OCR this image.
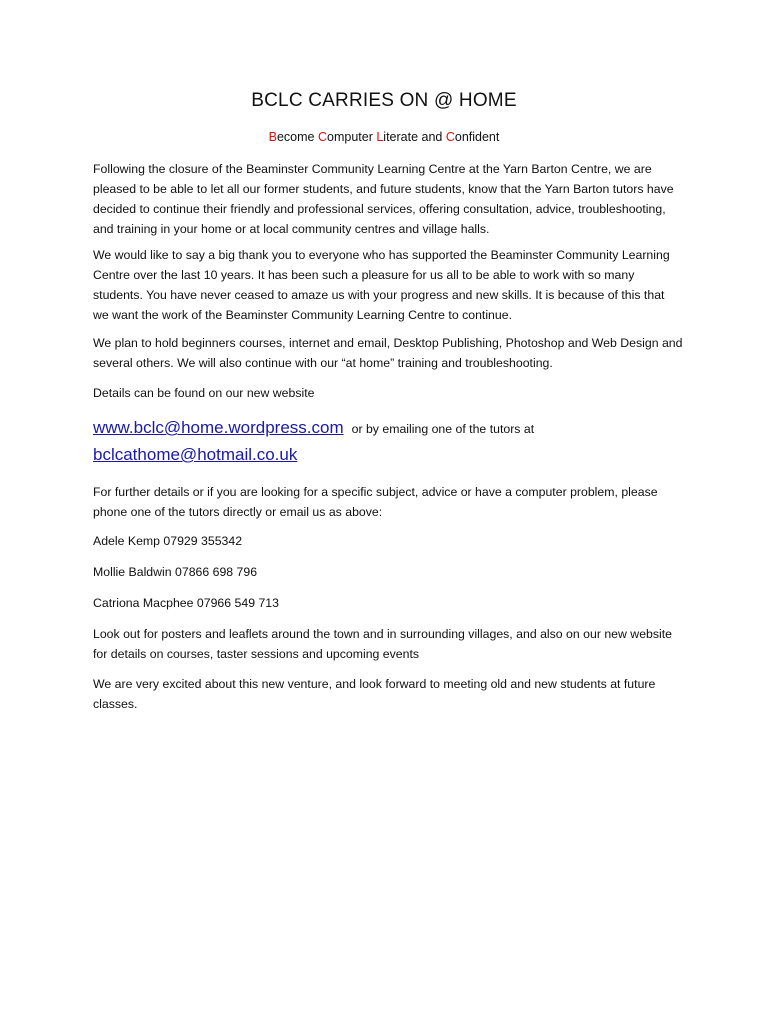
BCLC CARRIES ON @ HOME
Become Computer Literate and Confident

Following the closure of the Beaminster Community Learning Centre at the Yarn Barton Centre, we are pleased to be able to let all our former students, and future students, know that the Yarn Barton tutors have decided to continue their friendly and professional services, offering consultation, advice, troubleshooting, and training in your home or at local community centres and village halls.

We would like to say a big thank you to everyone who has supported the Beaminster Community Learning Centre over the last 10 years. It has been such a pleasure for us all to be able to work with so many students. You have never ceased to amaze us with your progress and new skills. It is because of this that we want the work of the Beaminster Community Learning Centre to continue.

We plan to hold beginners courses, internet and email, Desktop Publishing, Photoshop and Web Design and several others. We will also continue with our “at home” training and troubleshooting.

Details can be found on our new website

www.bclc@home.wordpress.com or by emailing one of the tutors at
bclcathome@hotmail.co.uk

For further details or if you are looking for a specific subject, advice or have a computer problem, please phone one of the tutors directly or email us as above:

Adele Kemp 07929 355342

Mollie Baldwin 07866 698 796

Catriona Macphee 07966 549 713

Look out for posters and leaflets around the town and in surrounding villages, and also on our new website for details on courses, taster sessions and upcoming events

We are very excited about this new venture, and look forward to meeting old and new students at future classes.
